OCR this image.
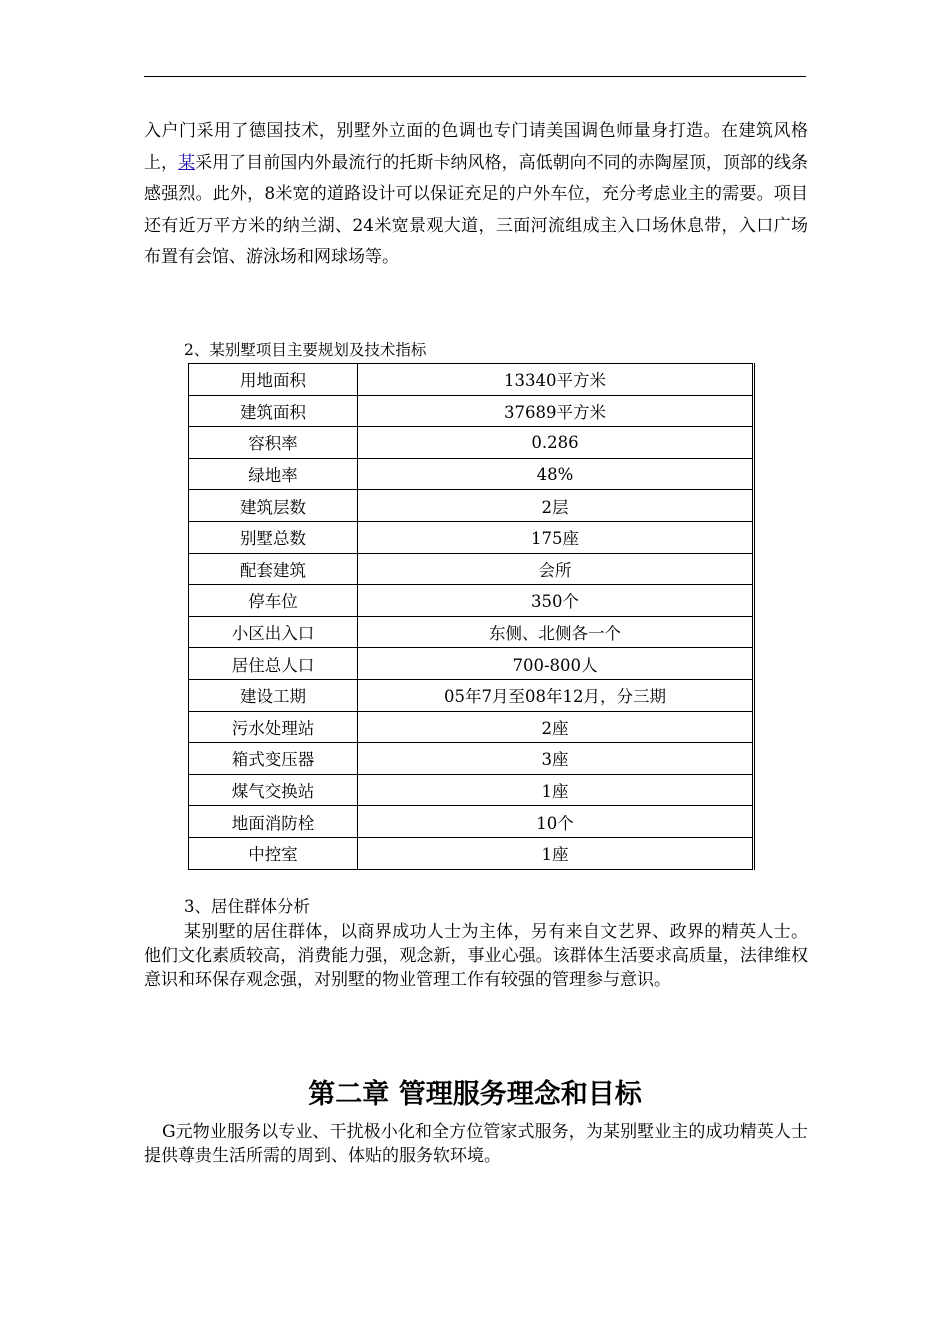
入户门采用了德国技术，别墅外立面的色调也专门请美国调色师量身打造。在建筑风格上，某采用了目前国内外最流行的托斯卡纳风格，高低朝向不同的赤陶屋顶，顶部的线条感强烈。此外，8米宽的道路设计可以保证充足的户外车位，充分考虑业主的需要。项目还有近万平方米的纳兰湖、24米宽景观大道，三面河流组成主入口场休息带，入口广场布置有会馆、游泳场和网球场等。

2、某别墅项目主要规划及技术指标

用地面积	13340平方米
建筑面积	37689平方米
容积率	0.286
绿地率	48%
建筑层数	2层
别墅总数	175座
配套建筑	会所
停车位	350个
小区出入口	东侧、北侧各一个
居住总人口	700-800人
建设工期	05年7月至08年12月，分三期
污水处理站	2座
箱式变压器	3座
煤气交换站	1座
地面消防栓	10个
中控室	1座

3、居住群体分析

某别墅的居住群体，以商界成功人士为主体，另有来自文艺界、政界的精英人士。他们文化素质较高，消费能力强，观念新，事业心强。该群体生活要求高质量，法律维权意识和环保存观念强，对别墅的物业管理工作有较强的管理参与意识。

第二章 管理服务理念和目标

G元物业服务以专业、干扰极小化和全方位管家式服务，为某别墅业主的成功精英人士提供尊贵生活所需的周到、体贴的服务软环境。
